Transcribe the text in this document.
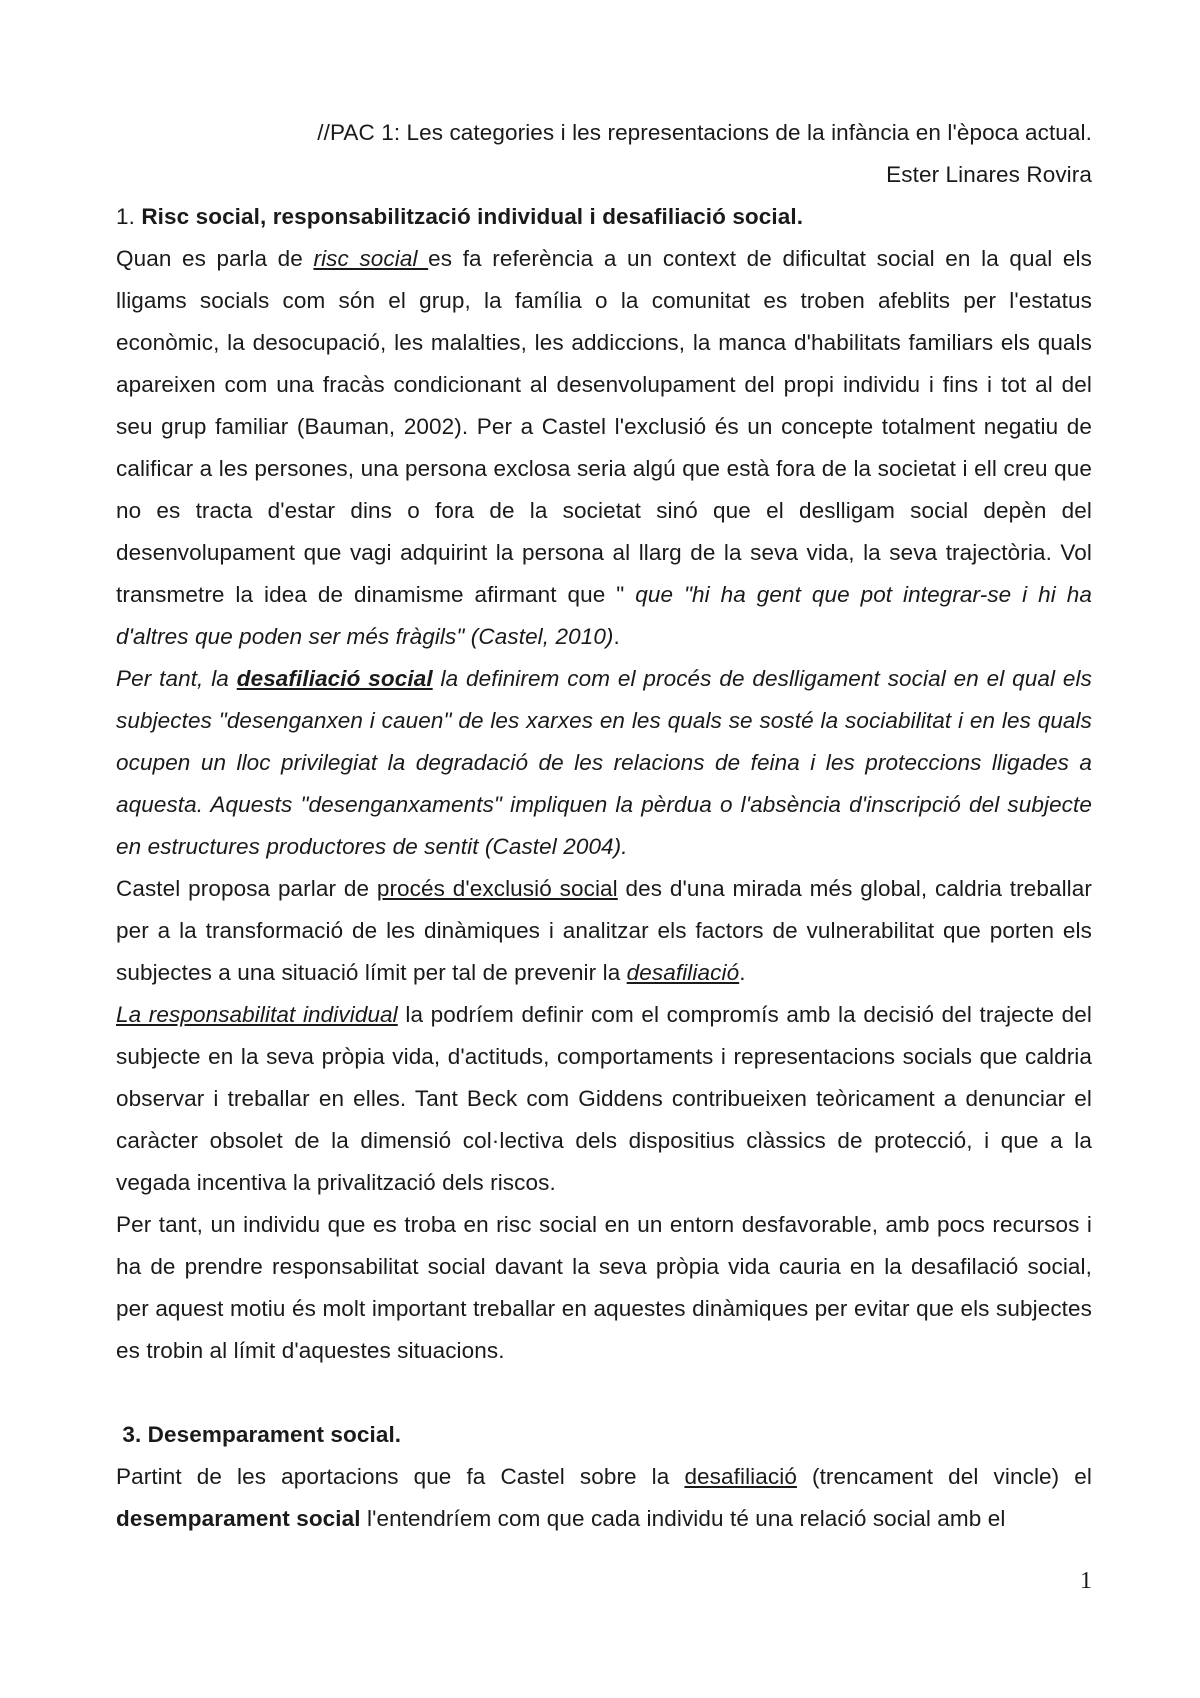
//PAC 1: Les categories i les representacions de la infància en l'època actual.
Ester Linares Rovira

1. Risc social, responsabilització individual i desafiliació social.

Quan es parla de risc social es fa referència a un context de dificultat social en la qual els lligams socials com són el grup, la família o la comunitat es troben afeblits per l'estatus econòmic, la desocupació, les malalties, les addiccions, la manca d'habilitats familiars els quals apareixen com una fracàs condicionant al desenvolupament del propi individu i fins i tot al del seu grup familiar (Bauman, 2002). Per a Castel l'exclusió és un concepte totalment negatiu de calificar a les persones, una persona exclosa seria algú que està fora de la societat i ell creu que no es tracta d'estar dins o fora de la societat sinó que el deslligam social depèn del desenvolupament que vagi adquirint la persona al llarg de la seva vida, la seva trajectòria. Vol transmetre la idea de dinamisme afirmant que " que "hi ha gent que pot integrar-se i hi ha d'altres que poden ser més fràgils" (Castel, 2010).

Per tant, la desafiliació social la definirem com el procés de deslligament social en el qual els subjectes "desenganxen i cauen" de les xarxes en les quals se sosté la sociabilitat i en les quals ocupen un lloc privilegiat la degradació de les relacions de feina i les proteccions lligades a aquesta. Aquests "desenganxaments" impliquen la pèrdua o l'absència d'inscripció del subjecte en estructures productores de sentit (Castel 2004).

Castel proposa parlar de procés d'exclusió social des d'una mirada més global, caldria treballar per a la transformació de les dinàmiques i analitzar els factors de vulnerabilitat que porten els subjectes a una situació límit per tal de prevenir la desafiliació.

La responsabilitat individual la podríem definir com el compromís amb la decisió del trajecte del subjecte en la seva pròpia vida, d'actituds, comportaments i representacions socials que caldria observar i treballar en elles. Tant Beck com Giddens contribueixen teòricament a denunciar el caràcter obsolet de la dimensió col·lectiva dels dispositius clàssics de protecció, i que a la vegada incentiva la privalització dels riscos.

Per tant, un individu que es troba en risc social en un entorn desfavorable, amb pocs recursos i ha de prendre responsabilitat social davant la seva pròpia vida cauria en la desafilació social, per aquest motiu és molt important treballar en aquestes dinàmiques per evitar que els subjectes es trobin al límit d'aquestes situacions.

3. Desemparament social.

Partint de les aportacions que fa Castel sobre la desafiliació (trencament del vincle) el desemparament social l'entendríem com que cada individu té una relació social amb el

1
